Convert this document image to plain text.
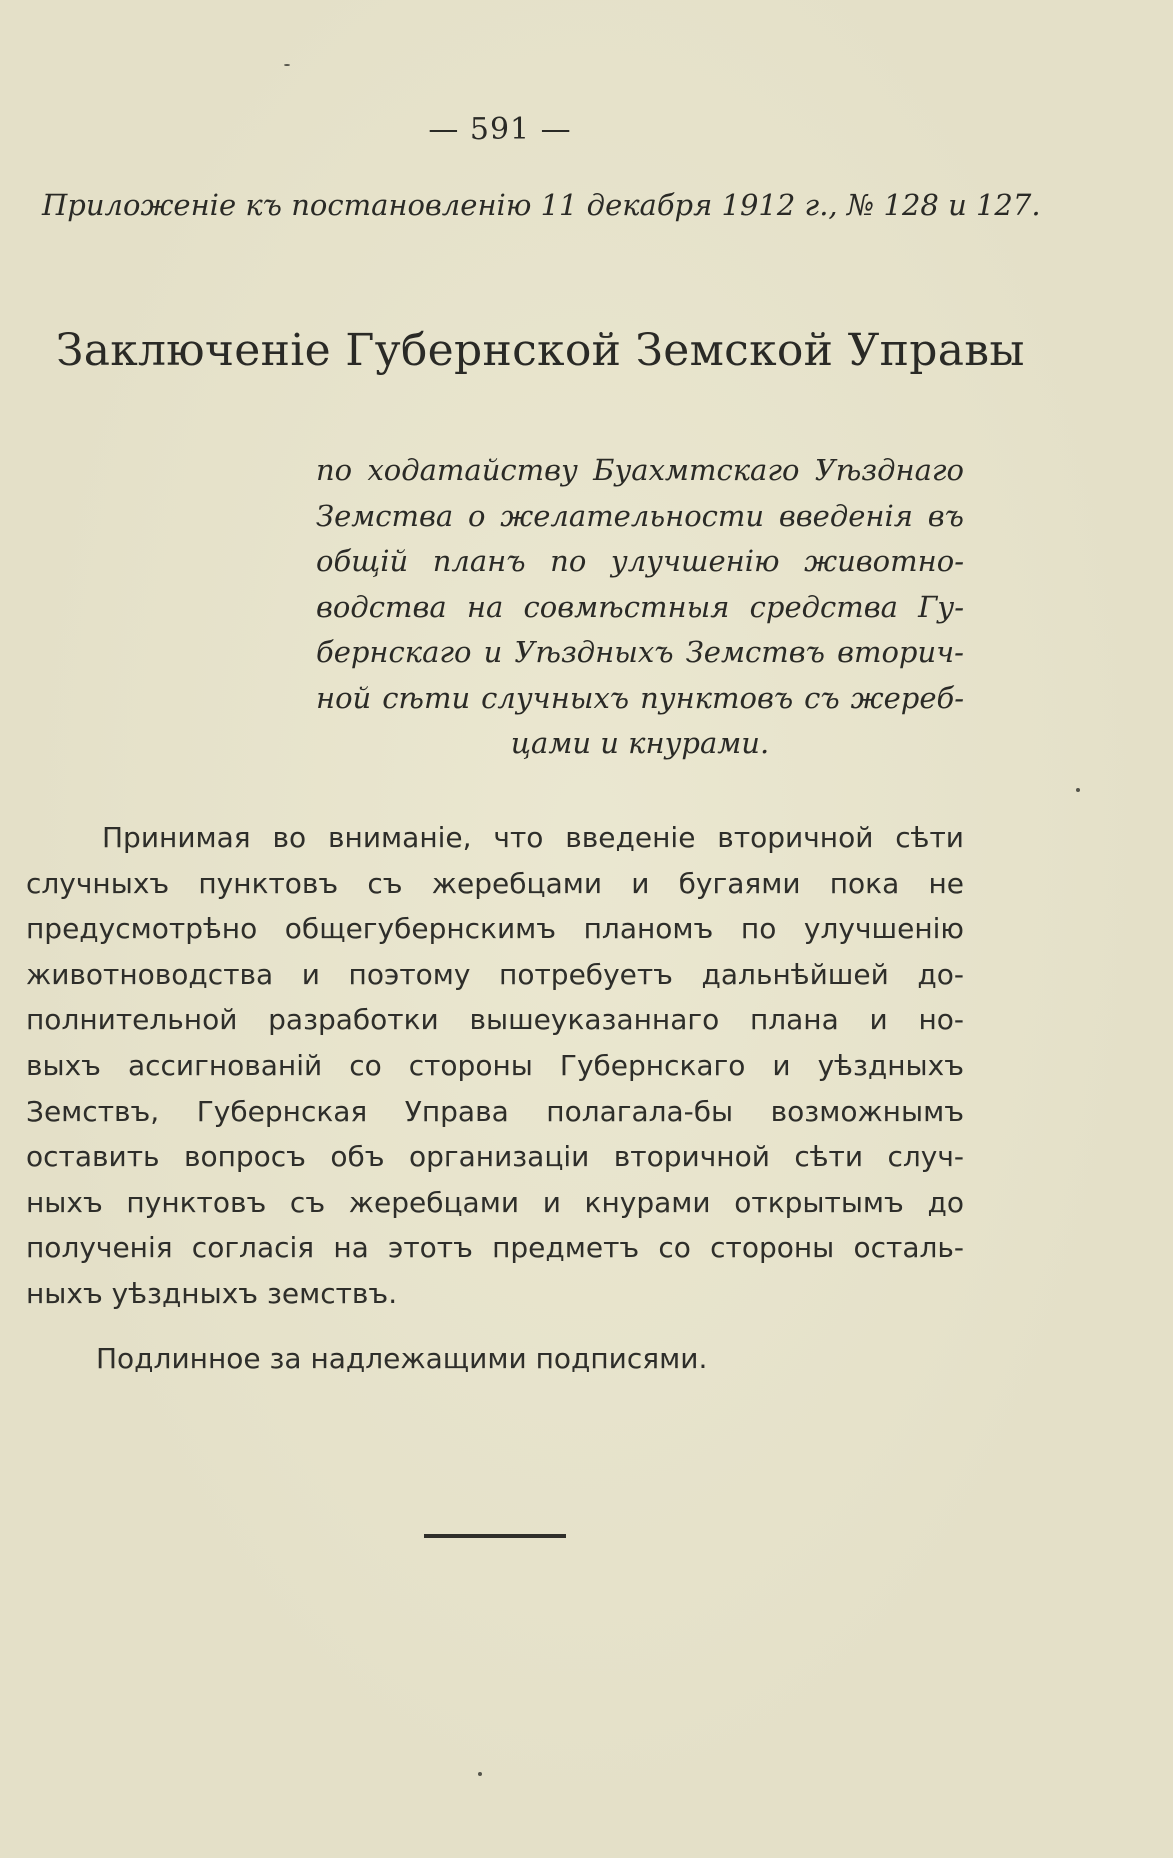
— 591 —
Приложеніе къ постановленію 11 декабря 1912 г., № 128 и 127.
Заключеніе Губернской Земской Управы
по ходатайству Буахмтскаго Уѣзднаго
Земства о желательности введенія въ
общій планъ по улучшенію животно-
водства на совмѣстныя средства Гу-
бернскаго и Уѣздныхъ Земствъ вторич-
ной сѣти случныхъ пунктовъ съ жереб-
цами и кнурами.
Принимая во вниманіе, что введеніе вторичной сѣти
случныхъ пунктовъ съ жеребцами и бугаями пока не
предусмотрѣно общегубернскимъ планомъ по улучшенію
животноводства и поэтому потребуетъ дальнѣйшей до-
полнительной разработки вышеуказаннаго плана и но-
выхъ ассигнованій со стороны Губернскаго и уѣздныхъ
Земствъ, Губернская Управа полагала-бы возможнымъ
оставить вопросъ объ организаціи вторичной сѣти случ-
ныхъ пунктовъ съ жеребцами и кнурами открытымъ до
полученія согласія на этотъ предметъ со стороны осталь-
ныхъ уѣздныхъ земствъ.
Подлинное за надлежащими подписями.
